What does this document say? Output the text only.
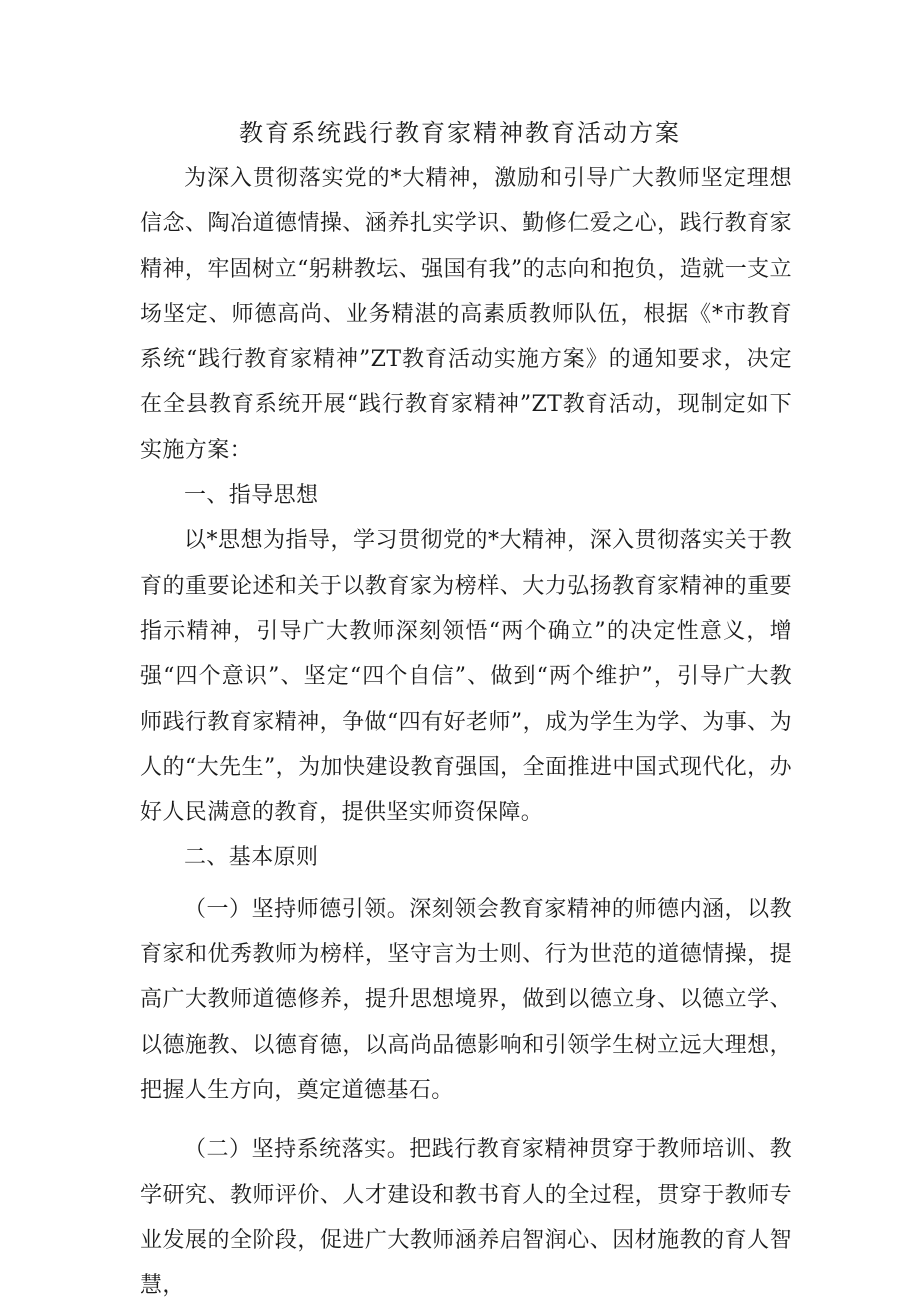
教育系统践行教育家精神教育活动方案

为深入贯彻落实党的*大精神，激励和引导广大教师坚定理想信念、陶冶道德情操、涵养扎实学识、勤修仁爱之心，践行教育家精神，牢固树立“躬耕教坛、强国有我”的志向和抱负，造就一支立场坚定、师德高尚、业务精湛的高素质教师队伍，根据《*市教育系统“践行教育家精神”ZT教育活动实施方案》的通知要求，决定在全县教育系统开展“践行教育家精神”ZT教育活动，现制定如下实施方案：

一、指导思想

以*思想为指导，学习贯彻党的*大精神，深入贯彻落实关于教育的重要论述和关于以教育家为榜样、大力弘扬教育家精神的重要指示精神，引导广大教师深刻领悟“两个确立”的决定性意义，增强“四个意识”、坚定“四个自信”、做到“两个维护”，引导广大教师践行教育家精神，争做“四有好老师”，成为学生为学、为事、为人的“大先生”，为加快建设教育强国，全面推进中国式现代化，办好人民满意的教育，提供坚实师资保障。

二、基本原则

（一）坚持师德引领。深刻领会教育家精神的师德内涵，以教育家和优秀教师为榜样，坚守言为士则、行为世范的道德情操，提高广大教师道德修养，提升思想境界，做到以德立身、以德立学、以德施教、以德育德，以高尚品德影响和引领学生树立远大理想，把握人生方向，奠定道德基石。

（二）坚持系统落实。把践行教育家精神贯穿于教师培训、教学研究、教师评价、人才建设和教书育人的全过程，贯穿于教师专业发展的全阶段，促进广大教师涵养启智润心、因材施教的育人智慧，
